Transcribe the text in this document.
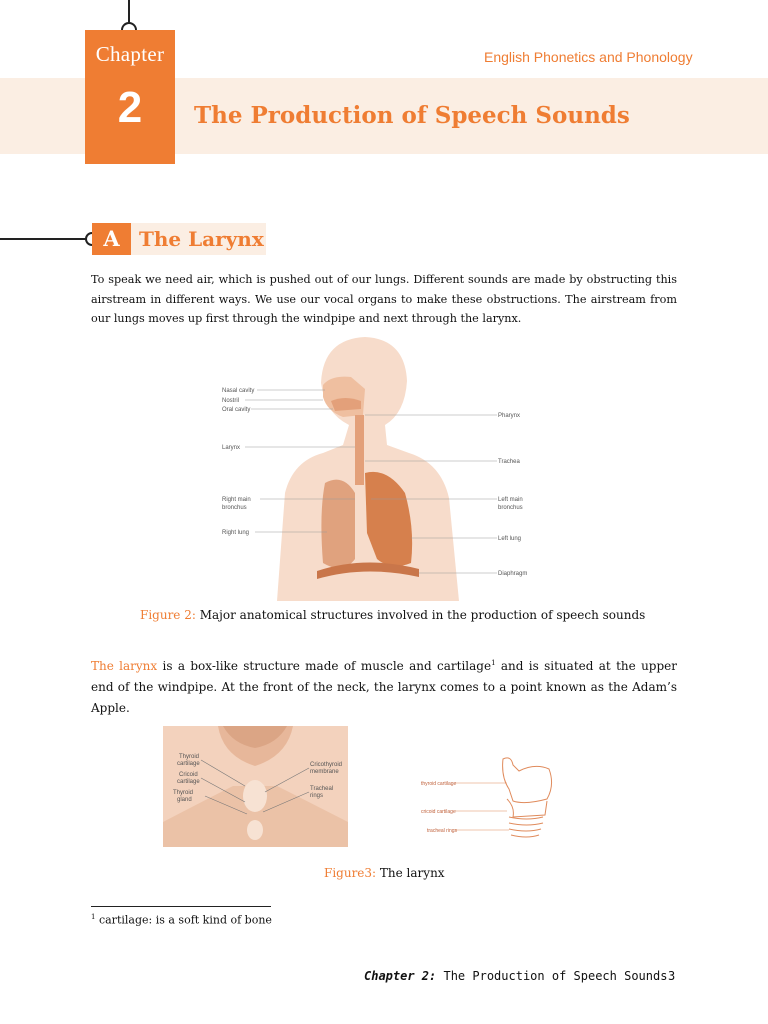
Chapter
2
English Phonetics and Phonology
The Production of Speech Sounds
A The Larynx
To speak we need air, which is pushed out of our lungs. Different sounds are made by obstructing this airstream in different ways. We use our vocal organs to make these obstructions. The airstream from our lungs moves up first through the windpipe and next through the larynx.
Nasal cavity
Nostril
Oral cavity
Larynx
Right main
bronchus
Right lung
Pharynx
Trachea
Left main
bronchus
Left lung
Diaphragm
Figure 2: Major anatomical structures involved in the production of speech sounds
The larynx is a box-like structure made of muscle and cartilage$^1$ and is situated at the upper end of the windpipe. At the front of the neck, the larynx comes to a point known as the Adam’s Apple.
Thyroid
cartilage
Cricoid
cartilage
Thyroid
gland
Cricothyroid
membrane
Tracheal
rings
thyroid cartilage
cricoid cartilage
tracheal rings
Figure3: The larynx
$^1$ cartilage: is a soft kind of bone
Chapter 2: The Production of Speech Sounds 3
